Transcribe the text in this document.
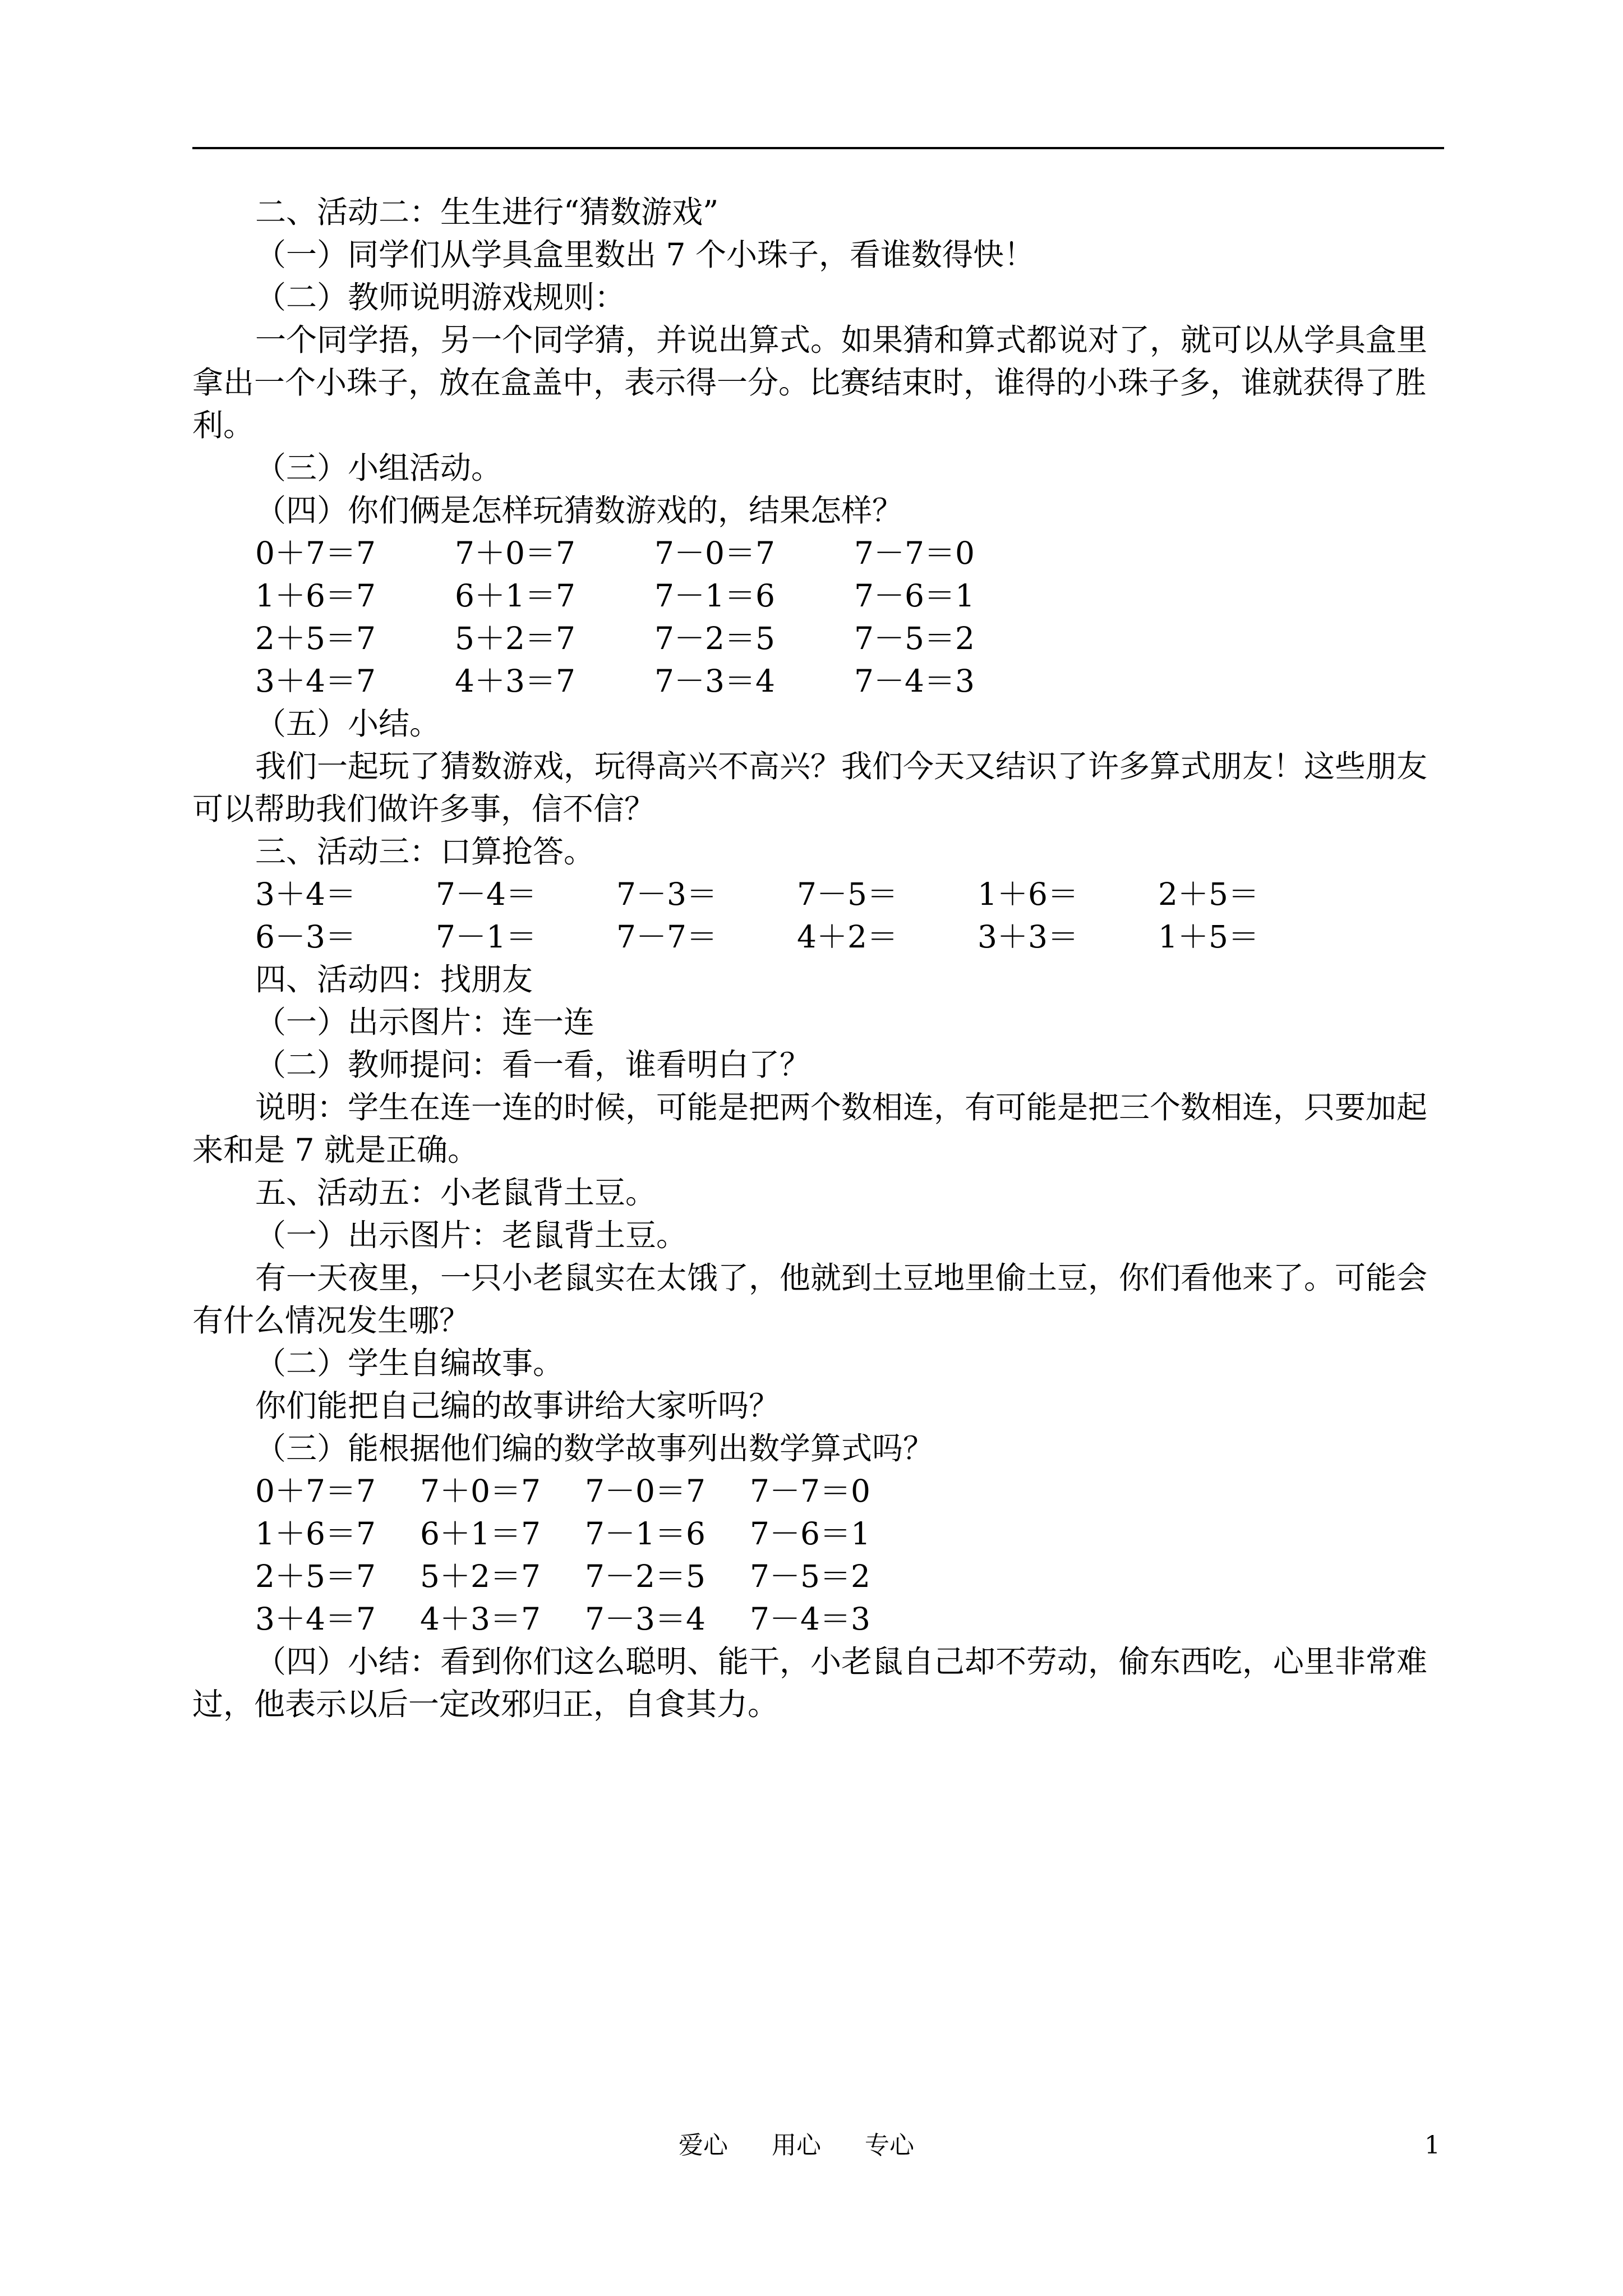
二、活动二：生生进行“猜数游戏”

（一）同学们从学具盒里数出 7 个小珠子，看谁数得快！

（二）教师说明游戏规则：

一个同学捂，另一个同学猜，并说出算式。如果猜和算式都说对了，就可以从学具盒里拿出一个小珠子，放在盒盖中，表示得一分。比赛结束时，谁得的小珠子多，谁就获得了胜利。

（三）小组活动。

（四）你们俩是怎样玩猜数游戏的，结果怎样？

0＋7＝7	7＋0＝7	7－0＝7	7－7＝0
1＋6＝7	6＋1＝7	7－1＝6	7－6＝1
2＋5＝7	5＋2＝7	7－2＝5	7－5＝2
3＋4＝7	4＋3＝7	7－3＝4	7－4＝3

（五）小结。

我们一起玩了猜数游戏，玩得高兴不高兴？我们今天又结识了许多算式朋友！这些朋友可以帮助我们做许多事，信不信？

三、活动三：口算抢答。

3＋4＝	7－4＝	7－3＝	7－5＝	1＋6＝	2＋5＝
6－3＝	7－1＝	7－7＝	4＋2＝	3＋3＝	1＋5＝

四、活动四：找朋友

（一）出示图片：连一连

（二）教师提问：看一看，谁看明白了？

说明：学生在连一连的时候，可能是把两个数相连，有可能是把三个数相连，只要加起来和是 7 就是正确。

五、活动五：小老鼠背土豆。

（一）出示图片：老鼠背土豆。

有一天夜里，一只小老鼠实在太饿了，他就到土豆地里偷土豆，你们看他来了。可能会有什么情况发生哪？

（二）学生自编故事。

你们能把自己编的故事讲给大家听吗？

（三）能根据他们编的数学故事列出数学算式吗？

0＋7＝7	7＋0＝7	7－0＝7	7－7＝0
1＋6＝7	6＋1＝7	7－1＝6	7－6＝1
2＋5＝7	5＋2＝7	7－2＝5	7－5＝2
3＋4＝7	4＋3＝7	7－3＝4	7－4＝3

（四）小结：看到你们这么聪明、能干，小老鼠自己却不劳动，偷东西吃，心里非常难过，他表示以后一定改邪归正，自食其力。

爱心 用心 专心	1
